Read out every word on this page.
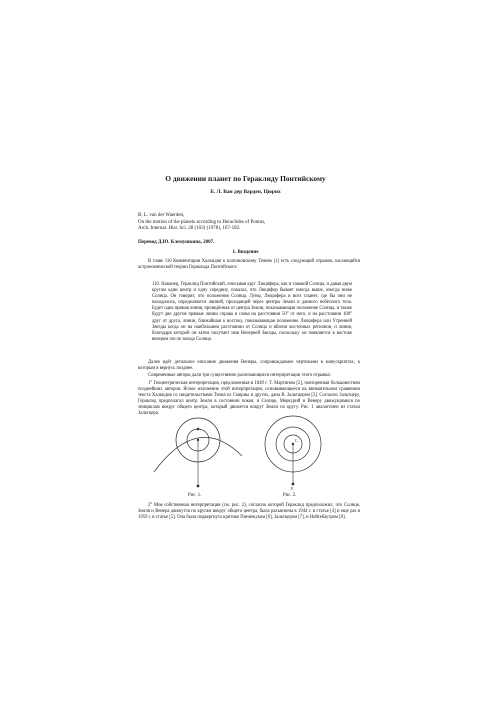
О движении планет по Гераклиду Понтийскому
Б. Л. Ван дер Варден, Цюрих
B. L. van der Waerden,
On the motion of the planets according to Heraclides of Pontus,
Arch. Internat. Hist. Sci. 28 (103) (1978), 167-182.
Перевод Д.Ю. Клемушкина, 2007.
1. Введение

В главе 110 Комментария Халкидия к платоновскому Тимею [1] есть следующий отрывок, касающийся астрономической теории Гераклида Понтийского:

110. Наконец, Гераклид Понтийский, описывая круг Люцифера, как и таковой Солнца, и давая двум кругам один центр и одну середину, показал, что Люцифер бывает иногда выше, иногда ниже Солнца. Он говорит, что положения Солнца, Луны, Люцифера и всех планет, где бы они не находились, определяются линией, проходящей через центры Земли и данного небесного тела. Будет одна прямая линия, проведённая от центра Земли, показывающая положение Солнца, и также будут две другие прямые линии справа и слева на расстоянии 50° от него, и на расстоянии 100° друг от друга, линии, ближайшая к востоку, показывающая положение Люцифера или Утренней Звезды когда он на наибольшем расстоянии от Солнца и вблизи восточных регионов, и линия, благодаря которой он затем получает имя Вечерней Звезды, поскольку он появляется в востоке вечером после захода Солнца.

Далее идёт детальное описание движения Венеры, сопровождаемое чертежами в манускриптах, к которым я вернусь позднее.

Современные авторы дали три существенно различающиеся интерпретации этого отрывка:

1° Геоцентрическая интерпретация, предложенная в 1849 г. Т. Мартином [2], повторенная большинством позднейших авторов. Ясное изложение этой интерпретации, основывающееся на внимательном сравнении текста Халкидия со свидетельствами Теона из Смирны и других, дана В. Зальтцером [3]. Согласно Зальтцеру, Гераклид предполагал центр Земли в состоянии покоя, и Солнце, Меркурий и Венеру движущимися по эпициклам вокруг общего центра, который движется вокруг Земли по кругу. Рис. 1 аналогичен из статьи Зальтцера.

Рис. 1.
C
E
Рис. 2.

2° Моя собственная интерпретация (см. рис. 2), согласно которой Гераклид предположил, что Солнце, Земля и Венера движутся по кругам вокруг общего центра, была разъяснена в 1944 г. в статье [4] и еще раз в 1959 г. в статье [5]. Она была подвергнута критике Пиннекуком [6], Зальтцером [7], и Нойгебауэром [8].
